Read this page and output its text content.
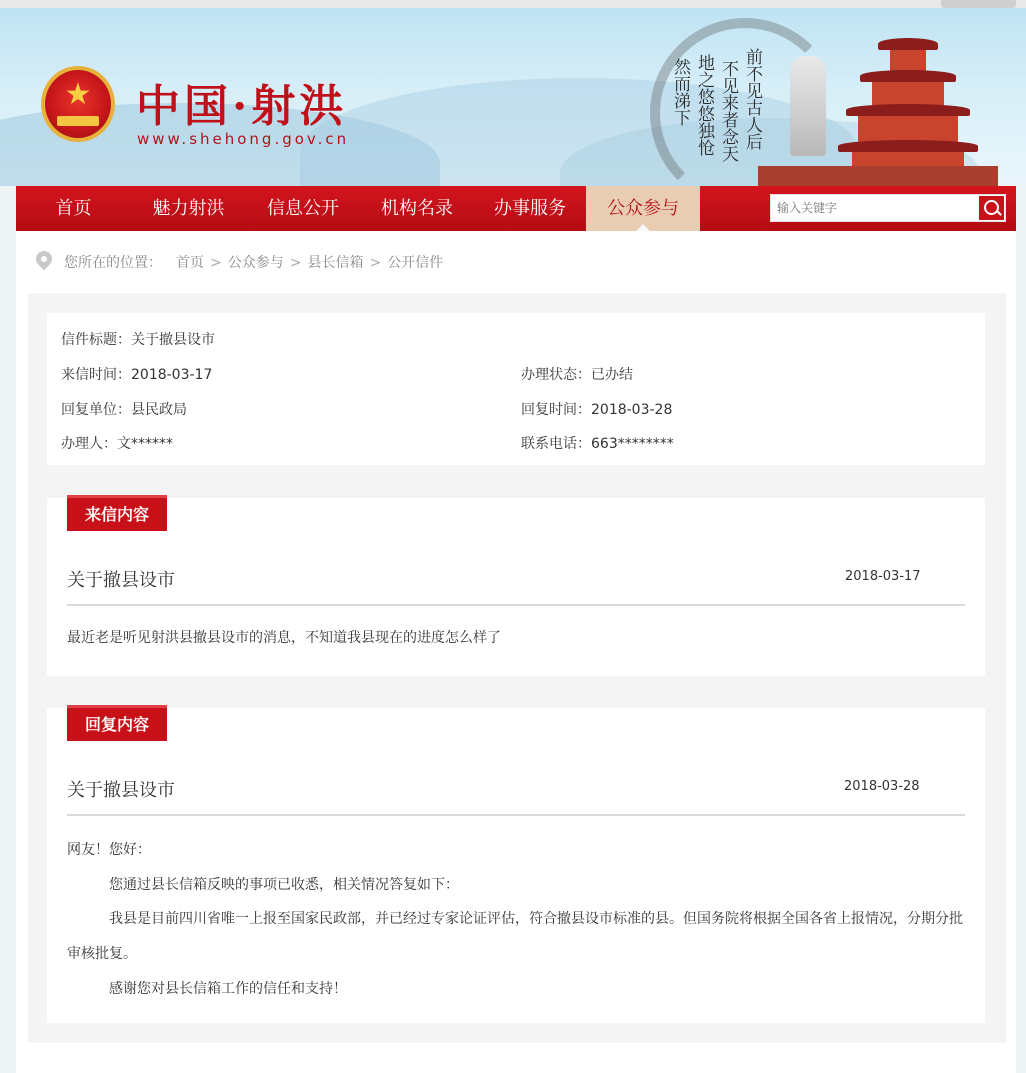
★	中国·射洪
www.shehong.gov.cn	前不见古人后
不见来者念天
地之悠悠独怆
然而涕下
首页	魅力射洪	信息公开	机构名录	办事服务	公众参与
输入关键字
您所在的位置： 首页 > 公众参与 > 县长信箱 > 公开信件
信件标题：关于撤县设市
来信时间：2018-03-17	办理状态：已办结
回复单位：县民政局	回复时间：2018-03-28
办理人：文******	联系电话：663********
来信内容
关于撤县设市	2018-03-17

最近老是听见射洪县撤县设市的消息，不知道我县现在的进度怎么样了

回复内容
关于撤县设市	2018-03-28

网友！您好：

您通过县长信箱反映的事项已收悉，相关情况答复如下：

我县是目前四川省唯一上报至国家民政部，并已经过专家论证评估，符合撤县设市标准的县。但国务院将根据全国各省上报情况，分期分批

审核批复。

感谢您对县长信箱工作的信任和支持！
